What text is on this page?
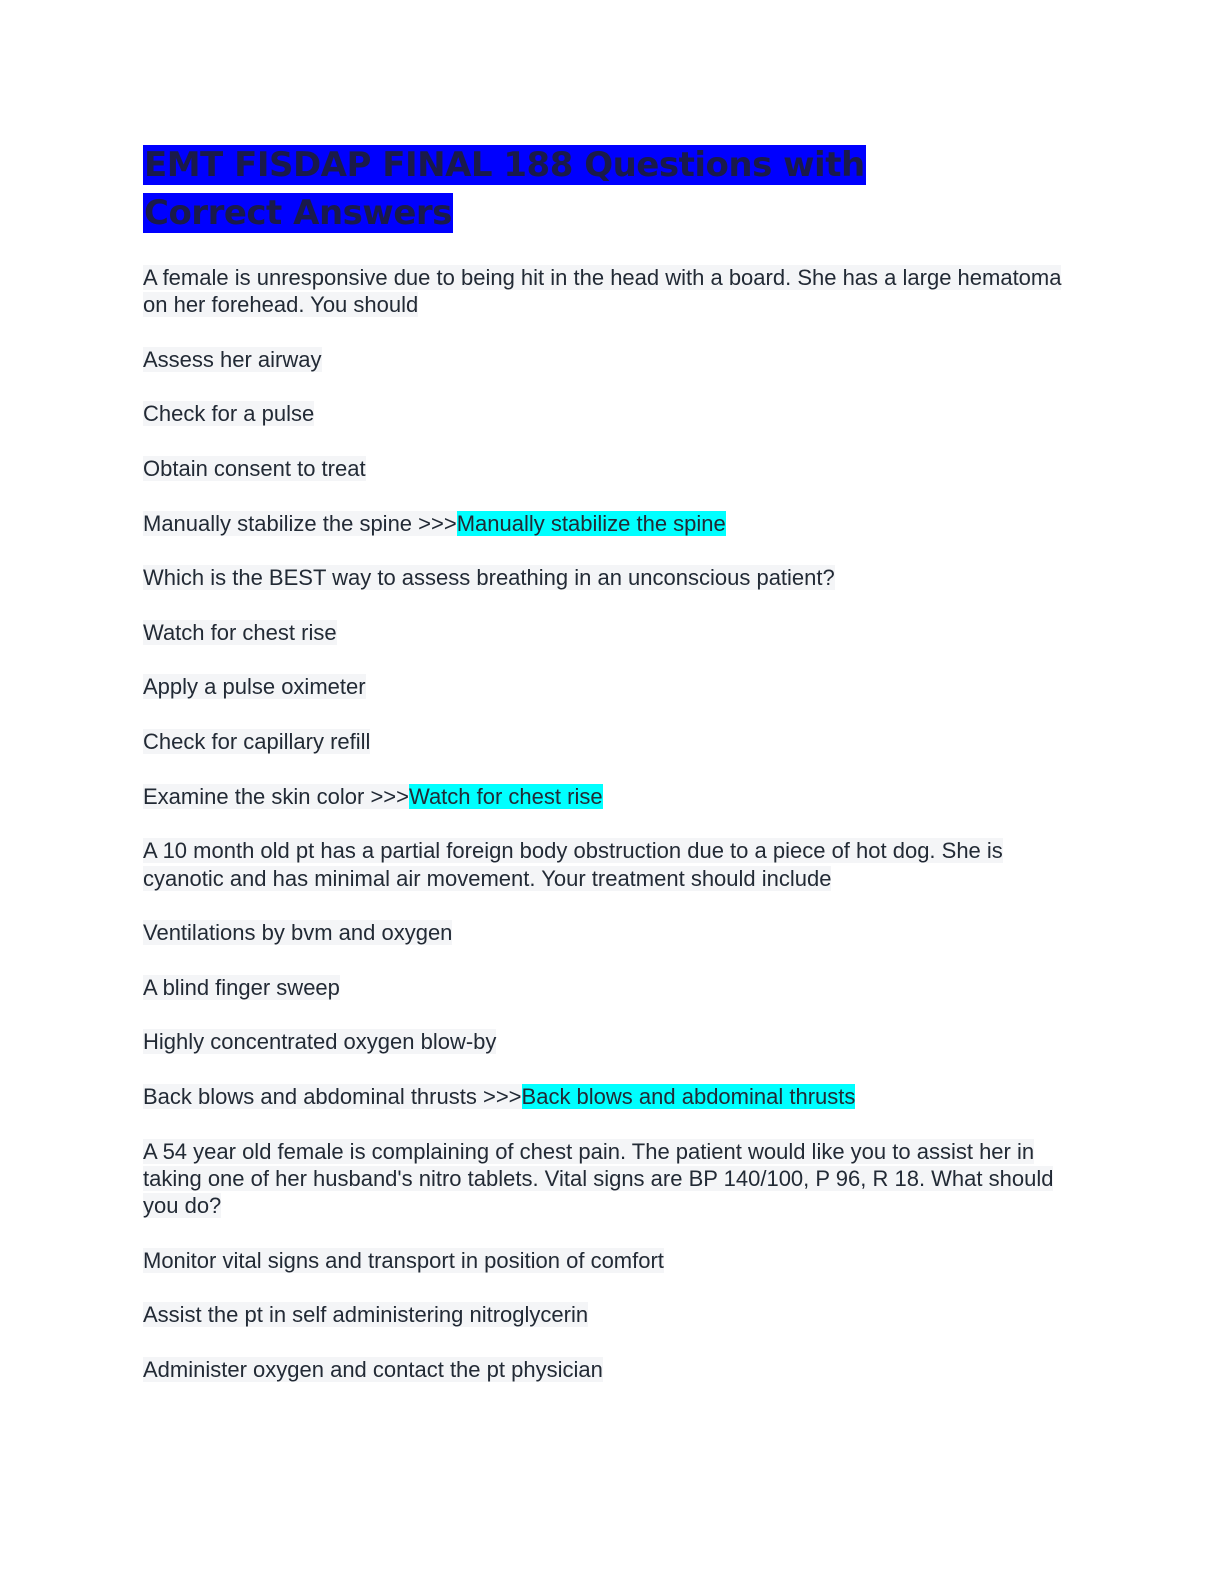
EMT FISDAP FINAL 188 Questions with Correct Answers

A female is unresponsive due to being hit in the head with a board. She has a large hematoma on her forehead. You should

Assess her airway

Check for a pulse

Obtain consent to treat

Manually stabilize the spine >>>Manually stabilize the spine

Which is the BEST way to assess breathing in an unconscious patient?

Watch for chest rise

Apply a pulse oximeter

Check for capillary refill

Examine the skin color >>>Watch for chest rise

A 10 month old pt has a partial foreign body obstruction due to a piece of hot dog. She is cyanotic and has minimal air movement. Your treatment should include

Ventilations by bvm and oxygen

A blind finger sweep

Highly concentrated oxygen blow-by

Back blows and abdominal thrusts >>>Back blows and abdominal thrusts

A 54 year old female is complaining of chest pain. The patient would like you to assist her in taking one of her husband's nitro tablets. Vital signs are BP 140/100, P 96, R 18. What should you do?

Monitor vital signs and transport in position of comfort

Assist the pt in self administering nitroglycerin

Administer oxygen and contact the pt physician
